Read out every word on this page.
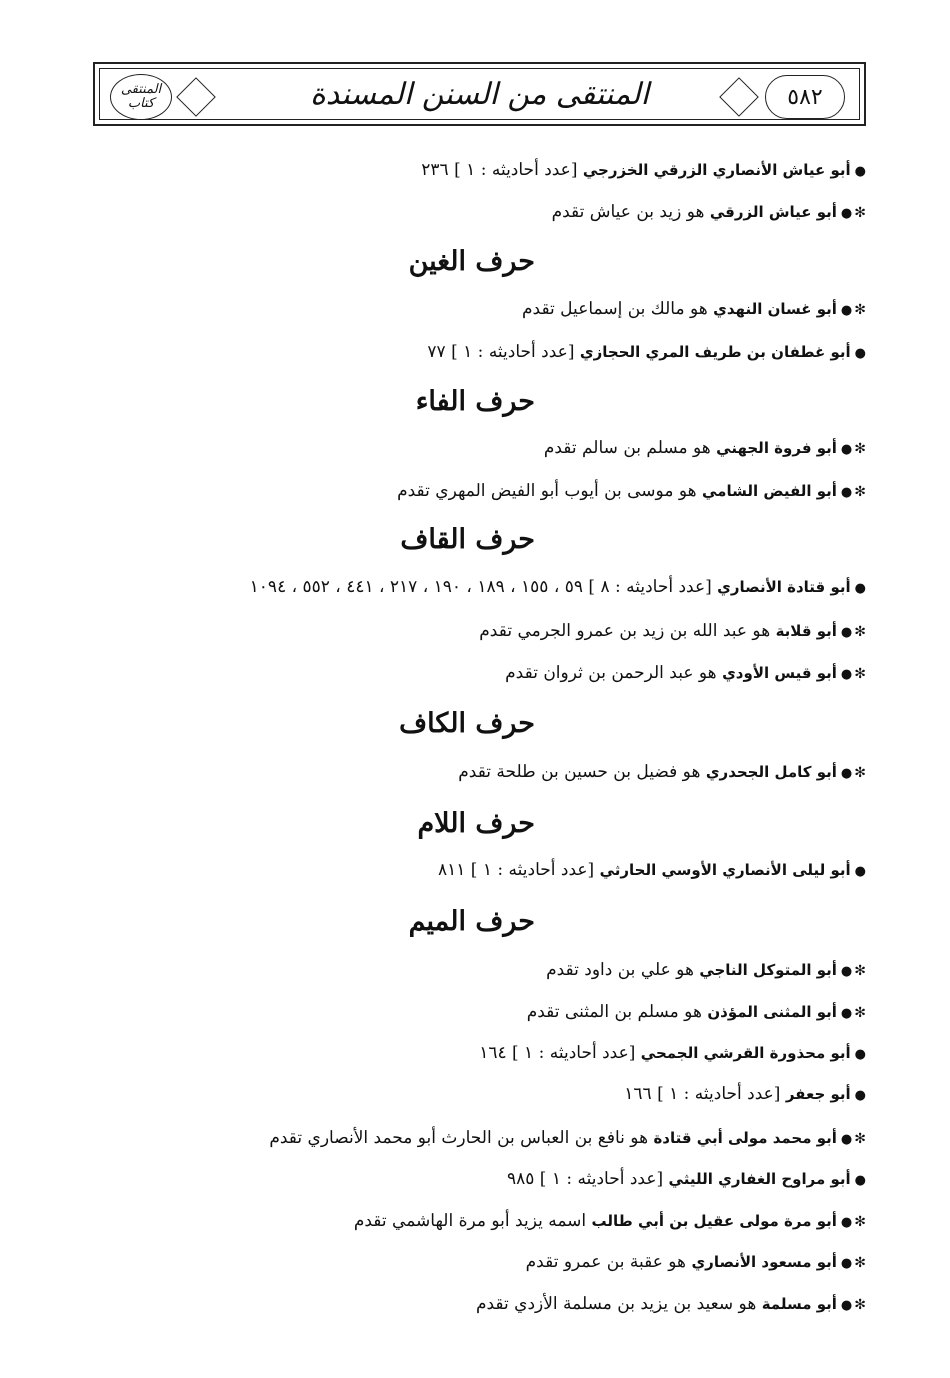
المنتقى كتاب	المنتقى من السنن المسندة	٥٨٢
●أبو عياش الأنصاري الزرقي الخزرجي [عدد أحاديثه : ١ ] ٢٣٦
✻●أبو عياش الزرقي هو زيد بن عياش تقدم
حرف الغين
✻●أبو غسان النهدي هو مالك بن إسماعيل تقدم
●أبو غطفان بن طريف المري الحجازي [عدد أحاديثه : ١ ] ٧٧
حرف الفاء
✻●أبو فروة الجهني هو مسلم بن سالم تقدم
✻●أبو الفيض الشامي هو موسى بن أيوب أبو الفيض المهري تقدم
حرف القاف
●أبو قتادة الأنصاري [عدد أحاديثه : ٨ ] ٥٩ ، ١٥٥ ، ١٨٩ ، ١٩٠ ، ٢١٧ ، ٤٤١ ، ٥٥٢ ، ١٠٩٤
✻●أبو قلابة هو عبد الله بن زيد بن عمرو الجرمي تقدم
✻●أبو قيس الأودي هو عبد الرحمن بن ثروان تقدم
حرف الكاف
✻●أبو كامل الجحدري هو فضيل بن حسين بن طلحة تقدم
حرف اللام
●أبو ليلى الأنصاري الأوسي الحارثي [عدد أحاديثه : ١ ] ٨١١
حرف الميم
✻●أبو المتوكل الناجي هو علي بن داود تقدم
✻●أبو المثنى المؤذن هو مسلم بن المثنى تقدم
●أبو محذورة القرشي الجمحي [عدد أحاديثه : ١ ] ١٦٤
●أبو جعفر [عدد أحاديثه : ١ ] ١٦٦
✻●أبو محمد مولى أبي قتادة هو نافع بن العباس بن الحارث أبو محمد الأنصاري تقدم
●أبو مراوح الغفاري الليثي [عدد أحاديثه : ١ ] ٩٨٥
✻●أبو مرة مولى عقيل بن أبي طالب اسمه يزيد أبو مرة الهاشمي تقدم
✻●أبو مسعود الأنصاري هو عقبة بن عمرو تقدم
✻●أبو مسلمة هو سعيد بن يزيد بن مسلمة الأزدي تقدم
